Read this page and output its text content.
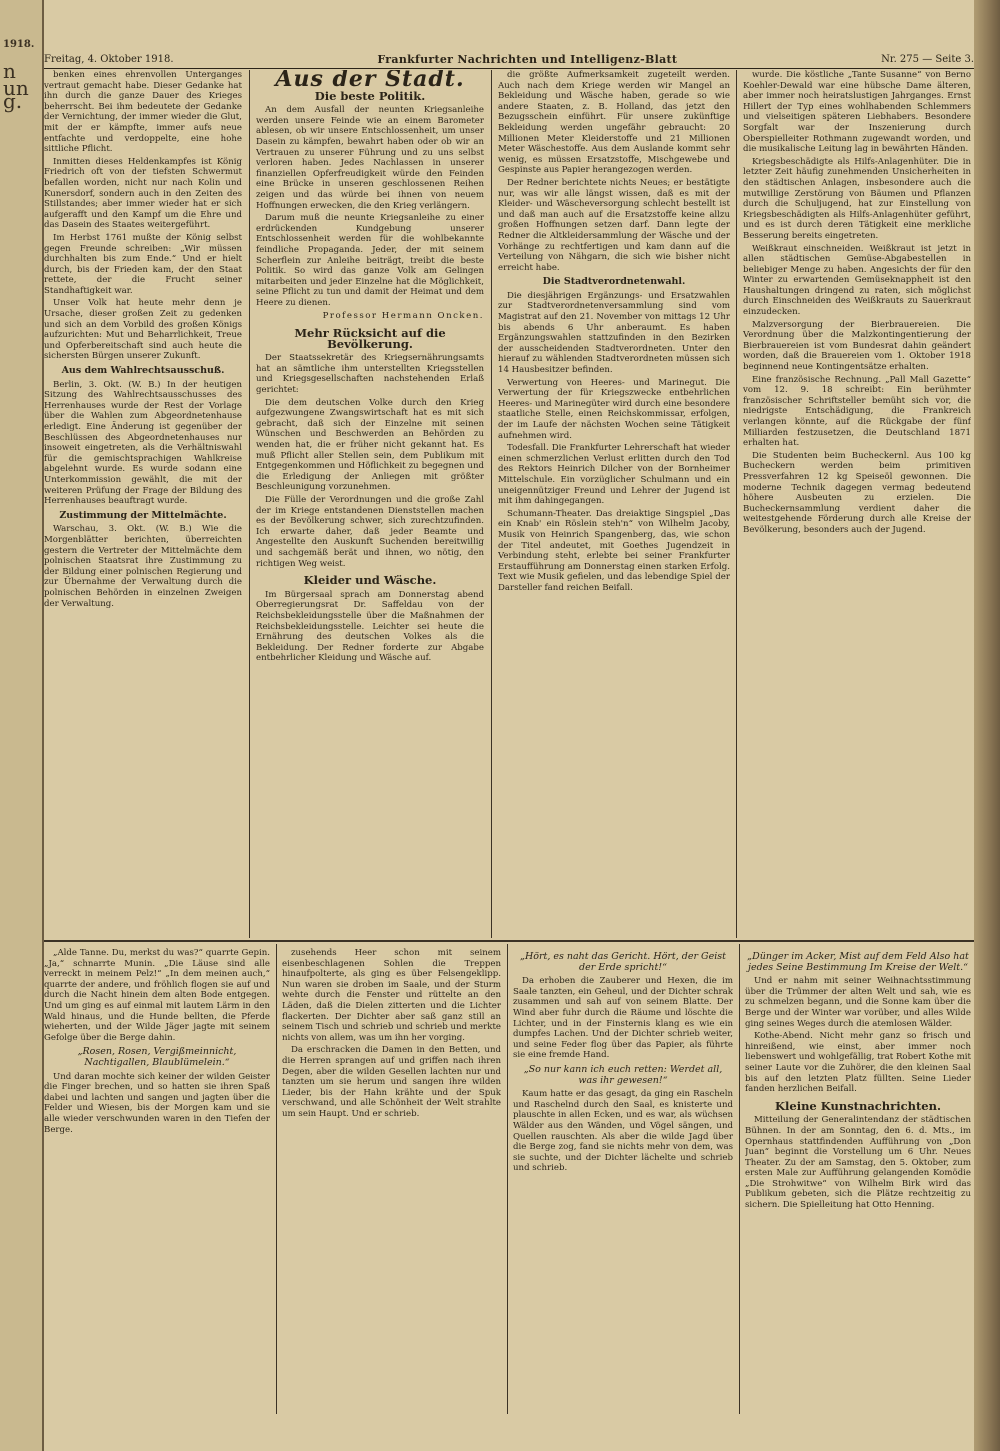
1918.
n
ung.
Freitag, 4. Oktober 1918.	Frankfurter Nachrichten und Intelligenz-Blatt	Nr. 275 — Seite 3.

benken eines ehrenvollen Unterganges vertraut gemacht habe. Dieser Gedanke hat ihn durch die ganze Dauer des Krieges beherrscht. Bei ihm bedeutete der Gedanke der Vernichtung, der immer wieder die Glut, mit der er kämpfte, immer aufs neue entfachte und verdoppelte, eine hohe sittliche Pflicht.

Inmitten dieses Heldenkampfes ist König Friedrich oft von der tiefsten Schwermut befallen worden, nicht nur nach Kolin und Kunersdorf, sondern auch in den Zeiten des Stillstandes; aber immer wieder hat er sich aufgerafft und den Kampf um die Ehre und das Dasein des Staates weitergeführt.

Im Herbst 1761 mußte der König selbst gegen Freunde schreiben: „Wir müssen durchhalten bis zum Ende.“ Und er hielt durch, bis der Frieden kam, der den Staat rettete, der die Frucht seiner Standhaftigkeit war.

Unser Volk hat heute mehr denn je Ursache, dieser großen Zeit zu gedenken und sich an dem Vorbild des großen Königs aufzurichten: Mut und Beharrlichkeit, Treue und Opferbereitschaft sind auch heute die sichersten Bürgen unserer Zukunft.

Aus dem Wahlrechtsausschuß.

Berlin, 3. Okt. (W. B.) In der heutigen Sitzung des Wahlrechtsausschusses des Herrenhauses wurde der Rest der Vorlage über die Wahlen zum Abgeordnetenhause erledigt. Eine Änderung ist gegenüber der Beschlüssen des Abgeordnetenhauses nur insoweit eingetreten, als die Verhältniswahl für die gemischtsprachigen Wahlkreise abgelehnt wurde. Es wurde sodann eine Unterkommission gewählt, die mit der weiteren Prüfung der Frage der Bildung des Herrenhauses beauftragt wurde.

Zustimmung der Mittelmächte.

Warschau, 3. Okt. (W. B.) Wie die Morgenblätter berichten, überreichten gestern die Vertreter der Mittelmächte dem polnischen Staatsrat ihre Zustimmung zu der Bildung einer polnischen Regierung und zur Übernahme der Verwaltung durch die polnischen Behörden in einzelnen Zweigen der Verwaltung.

Aus der Stadt.
Die beste Politik.

An dem Ausfall der neunten Kriegsanleihe werden unsere Feinde wie an einem Barometer ablesen, ob wir unsere Entschlossenheit, um unser Dasein zu kämpfen, bewahrt haben oder ob wir an Vertrauen zu unserer Führung und zu uns selbst verloren haben. Jedes Nachlassen in unserer finanziellen Opferfreudigkeit würde den Feinden eine Brücke in unseren geschlossenen Reihen zeigen und das würde bei ihnen von neuem Hoffnungen erwecken, die den Krieg verlängern.

Darum muß die neunte Kriegsanleihe zu einer erdrückenden Kundgebung unserer Entschlossenheit werden für die wohlbekannte feindliche Propaganda. Jeder, der mit seinem Scherflein zur Anleihe beiträgt, treibt die beste Politik. So wird das ganze Volk am Gelingen mitarbeiten und jeder Einzelne hat die Möglichkeit, seine Pflicht zu tun und damit der Heimat und dem Heere zu dienen.

Professor Hermann Oncken.
Mehr Rücksicht auf die Bevölkerung.

Der Staatssekretär des Kriegsernährungsamts hat an sämtliche ihm unterstellten Kriegsstellen und Kriegsgesellschaften nachstehenden Erlaß gerichtet:

Die dem deutschen Volke durch den Krieg aufgezwungene Zwangswirtschaft hat es mit sich gebracht, daß sich der Einzelne mit seinen Wünschen und Beschwerden an Behörden zu wenden hat, die er früher nicht gekannt hat. Es muß Pflicht aller Stellen sein, dem Publikum mit Entgegenkommen und Höflichkeit zu begegnen und die Erledigung der Anliegen mit größter Beschleunigung vorzunehmen.

Die Fülle der Verordnungen und die große Zahl der im Kriege entstandenen Dienststellen machen es der Bevölkerung schwer, sich zurechtzufinden. Ich erwarte daher, daß jeder Beamte und Angestellte den Auskunft Suchenden bereitwillig und sachgemäß berät und ihnen, wo nötig, den richtigen Weg weist.

Kleider und Wäsche.

Im Bürgersaal sprach am Donnerstag abend Oberregierungsrat Dr. Saffeldau von der Reichsbekleidungsstelle über die Maßnahmen der Reichsbekleidungsstelle. Leichter sei heute die Ernährung des deutschen Volkes als die Bekleidung. Der Redner forderte zur Abgabe entbehrlicher Kleidung und Wäsche auf.

die größte Aufmerksamkeit zugeteilt werden. Auch nach dem Kriege werden wir Mangel an Bekleidung und Wäsche haben, gerade so wie andere Staaten, z. B. Holland, das jetzt den Bezugsschein einführt. Für unsere zukünftige Bekleidung werden ungefähr gebraucht: 20 Millionen Meter Kleiderstoffe und 21 Millionen Meter Wäschestoffe. Aus dem Auslande kommt sehr wenig, es müssen Ersatzstoffe, Mischgewebe und Gespinste aus Papier herangezogen werden.

Der Redner berichtete nichts Neues; er bestätigte nur, was wir alle längst wissen, daß es mit der Kleider- und Wäscheversorgung schlecht bestellt ist und daß man auch auf die Ersatzstoffe keine allzu großen Hoffnungen setzen darf. Dann legte der Redner die Altkleidersammlung der Wäsche und der Vorhänge zu rechtfertigen und kam dann auf die Verteilung von Nähgarn, die sich wie bisher nicht erreicht habe.

Die Stadtverordnetenwahl.

Die diesjährigen Ergänzungs- und Ersatzwahlen zur Stadtverordnetenversammlung sind vom Magistrat auf den 21. November von mittags 12 Uhr bis abends 6 Uhr anberaumt. Es haben Ergänzungswahlen stattzufinden in den Bezirken der ausscheidenden Stadtverordneten. Unter den hierauf zu wählenden Stadtverordneten müssen sich 14 Hausbesitzer befinden.

Verwertung von Heeres- und Marinegut. Die Verwertung der für Kriegszwecke entbehrlichen Heeres- und Marinegüter wird durch eine besondere staatliche Stelle, einen Reichskommissar, erfolgen, der im Laufe der nächsten Wochen seine Tätigkeit aufnehmen wird.

Todesfall. Die Frankfurter Lehrerschaft hat wieder einen schmerzlichen Verlust erlitten durch den Tod des Rektors Heinrich Dilcher von der Bornheimer Mittelschule. Ein vorzüglicher Schulmann und ein uneigennütziger Freund und Lehrer der Jugend ist mit ihm dahingegangen.

Schumann-Theater. Das dreiaktige Singspiel „Das ein Knab' ein Röslein steh'n“ von Wilhelm Jacoby, Musik von Heinrich Spangenberg, das, wie schon der Titel andeutet, mit Goethes Jugendzeit in Verbindung steht, erlebte bei seiner Frankfurter Erstaufführung am Donnerstag einen starken Erfolg. Text wie Musik gefielen, und das lebendige Spiel der Darsteller fand reichen Beifall.

wurde. Die köstliche „Tante Susanne“ von Berno Koehler-Dewald war eine hübsche Dame älteren, aber immer noch heiratslustigen Jahrganges. Ernst Hillert der Typ eines wohlhabenden Schlemmers und vielseitigen späteren Liebhabers. Besondere Sorgfalt war der Inszenierung durch Oberspielleiter Rothmann zugewandt worden, und die musikalische Leitung lag in bewährten Händen.

Kriegsbeschädigte als Hilfs-Anlagenhüter. Die in letzter Zeit häufig zunehmenden Unsicherheiten in den städtischen Anlagen, insbesondere auch die mutwillige Zerstörung von Bäumen und Pflanzen durch die Schuljugend, hat zur Einstellung von Kriegsbeschädigten als Hilfs-Anlagenhüter geführt, und es ist durch deren Tätigkeit eine merkliche Besserung bereits eingetreten.

Weißkraut einschneiden. Weißkraut ist jetzt in allen städtischen Gemüse-Abgabestellen in beliebiger Menge zu haben. Angesichts der für den Winter zu erwartenden Gemüseknappheit ist den Haushaltungen dringend zu raten, sich möglichst durch Einschneiden des Weißkrauts zu Sauerkraut einzudecken.

Malzversorgung der Bierbrauereien. Die Verordnung über die Malzkontingentierung der Bierbrauereien ist vom Bundesrat dahin geändert worden, daß die Brauereien vom 1. Oktober 1918 beginnend neue Kontingentsätze erhalten.

Eine französische Rechnung. „Pall Mall Gazette“ vom 12. 9. 18 schreibt: Ein berühmter französischer Schriftsteller bemüht sich vor, die niedrigste Entschädigung, die Frankreich verlangen könnte, auf die Rückgabe der fünf Milliarden festzusetzen, die Deutschland 1871 erhalten hat.

Die Studenten beim Bucheckernl. Aus 100 kg Bucheckern werden beim primitiven Pressverfahren 12 kg Speiseöl gewonnen. Die moderne Technik dagegen vermag bedeutend höhere Ausbeuten zu erzielen. Die Bucheckernsammlung verdient daher die weitestgehende Förderung durch alle Kreise der Bevölkerung, besonders auch der Jugend.

„Alde Tanne. Du, merkst du was?“ quarrte Gepin. „Ja,“ schnarrte Munin. „Die Läuse sind alle verreckt in meinem Pelz!“ „In dem meinen auch,“ quarrte der andere, und fröhlich flogen sie auf und durch die Nacht hinein dem alten Bode entgegen. Und um ging es auf einmal mit lautem Lärm in den Wald hinaus, und die Hunde bellten, die Pferde wieherten, und der Wilde Jäger jagte mit seinem Gefolge über die Berge dahin.

„Rosen, Rosen, Vergißmeinnicht, Nachtigallen, Blaublümelein.“

Und daran mochte sich keiner der wilden Geister die Finger brechen, und so hatten sie ihren Spaß dabei und lachten und sangen und jagten über die Felder und Wiesen, bis der Morgen kam und sie alle wieder verschwunden waren in den Tiefen der Berge.

zusehends Heer schon mit seinem eisenbeschlagenen Sohlen die Treppen hinaufpolterte, als ging es über Felsengeklipp. Nun waren sie droben im Saale, und der Sturm wehte durch die Fenster und rüttelte an den Läden, daß die Dielen zitterten und die Lichter flackerten. Der Dichter aber saß ganz still an seinem Tisch und schrieb und schrieb und merkte nichts von allem, was um ihn her vorging.

Da erschracken die Damen in den Betten, und die Herren sprangen auf und griffen nach ihren Degen, aber die wilden Gesellen lachten nur und tanzten um sie herum und sangen ihre wilden Lieder, bis der Hahn krähte und der Spuk verschwand, und alle Schönheit der Welt strahlte um sein Haupt. Und er schrieb.

„Hört, es naht das Gericht. Hört, der Geist der Erde spricht!“

Da erhoben die Zauberer und Hexen, die im Saale tanzten, ein Geheul, und der Dichter schrak zusammen und sah auf von seinem Blatte. Der Wind aber fuhr durch die Räume und löschte die Lichter, und in der Finsternis klang es wie ein dumpfes Lachen. Und der Dichter schrieb weiter, und seine Feder flog über das Papier, als führte sie eine fremde Hand.

„So nur kann ich euch retten: Werdet all, was ihr gewesen!“

Kaum hatte er das gesagt, da ging ein Rascheln und Raschelnd durch den Saal, es knisterte und plauschte in allen Ecken, und es war, als wüchsen Wälder aus den Wänden, und Vögel sängen, und Quellen rauschten. Als aber die wilde Jagd über die Berge zog, fand sie nichts mehr von dem, was sie suchte, und der Dichter lächelte und schrieb und schrieb.

„Dünger im Acker, Mist auf dem Feld Also hat jedes Seine Bestimmung Im Kreise der Welt.“

Und er nahm mit seiner Weihnachtsstimmung über die Trümmer der alten Welt und sah, wie es zu schmelzen begann, und die Sonne kam über die Berge und der Winter war vorüber, und alles Wilde ging seines Weges durch die atemlosen Wälder.

Kothe-Abend. Nicht mehr ganz so frisch und hinreißend, wie einst, aber immer noch liebenswert und wohlgefällig, trat Robert Kothe mit seiner Laute vor die Zuhörer, die den kleinen Saal bis auf den letzten Platz füllten. Seine Lieder fanden herzlichen Beifall.

Kleine Kunstnachrichten.

Mitteilung der Generalintendanz der städtischen Bühnen. In der am Sonntag, den 6. d. Mts., im Opernhaus stattfindenden Aufführung von „Don Juan“ beginnt die Vorstellung um 6 Uhr. Neues Theater. Zu der am Samstag, den 5. Oktober, zum ersten Male zur Aufführung gelangenden Komödie „Die Strohwitwe“ von Wilhelm Birk wird das Publikum gebeten, sich die Plätze rechtzeitig zu sichern. Die Spielleitung hat Otto Henning.
